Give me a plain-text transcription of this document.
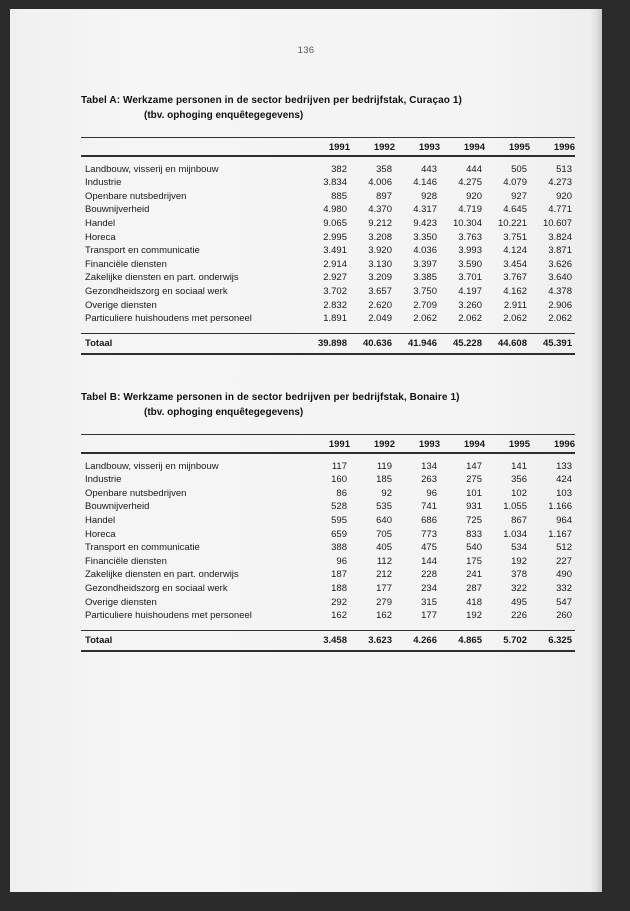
136
Tabel A: Werkzame personen in de sector bedrijven per bedrijfstak, Curaçao 1)
(tbv. ophoging enquêtegegevens)

	1991	1992	1993	1994	1995	1996
Landbouw, visserij en mijnbouw	382	358	443	444	505	513
Industrie	3.834	4.006	4.146	4.275	4.079	4.273
Openbare nutsbedrijven	885	897	928	920	927	920
Bouwnijverheid	4.980	4.370	4.317	4.719	4.645	4.771
Handel	9.065	9.212	9.423	10.304	10.221	10.607
Horeca	2.995	3.208	3.350	3.763	3.751	3.824
Transport en communicatie	3.491	3.920	4.036	3.993	4.124	3.871
Financiële diensten	2.914	3.130	3.397	3.590	3.454	3.626
Zakelijke diensten en part. onderwijs	2.927	3.209	3.385	3.701	3.767	3.640
Gezondheidszorg en sociaal werk	3.702	3.657	3.750	4.197	4.162	4.378
Overige diensten	2.832	2.620	2.709	3.260	2.911	2.906
Particuliere huishoudens met personeel	1.891	2.049	2.062	2.062	2.062	2.062

Totaal	39.898	40.636	41.946	45.228	44.608	45.391
Tabel B: Werkzame personen in de sector bedrijven per bedrijfstak, Bonaire 1)
(tbv. ophoging enquêtegegevens)

	1991	1992	1993	1994	1995	1996
Landbouw, visserij en mijnbouw	117	119	134	147	141	133
Industrie	160	185	263	275	356	424
Openbare nutsbedrijven	86	92	96	101	102	103
Bouwnijverheid	528	535	741	931	1.055	1.166
Handel	595	640	686	725	867	964
Horeca	659	705	773	833	1.034	1.167
Transport en communicatie	388	405	475	540	534	512
Financiële diensten	96	112	144	175	192	227
Zakelijke diensten en part. onderwijs	187	212	228	241	378	490
Gezondheidszorg en sociaal werk	188	177	234	287	322	332
Overige diensten	292	279	315	418	495	547
Particuliere huishoudens met personeel	162	162	177	192	226	260

Totaal	3.458	3.623	4.266	4.865	5.702	6.325
